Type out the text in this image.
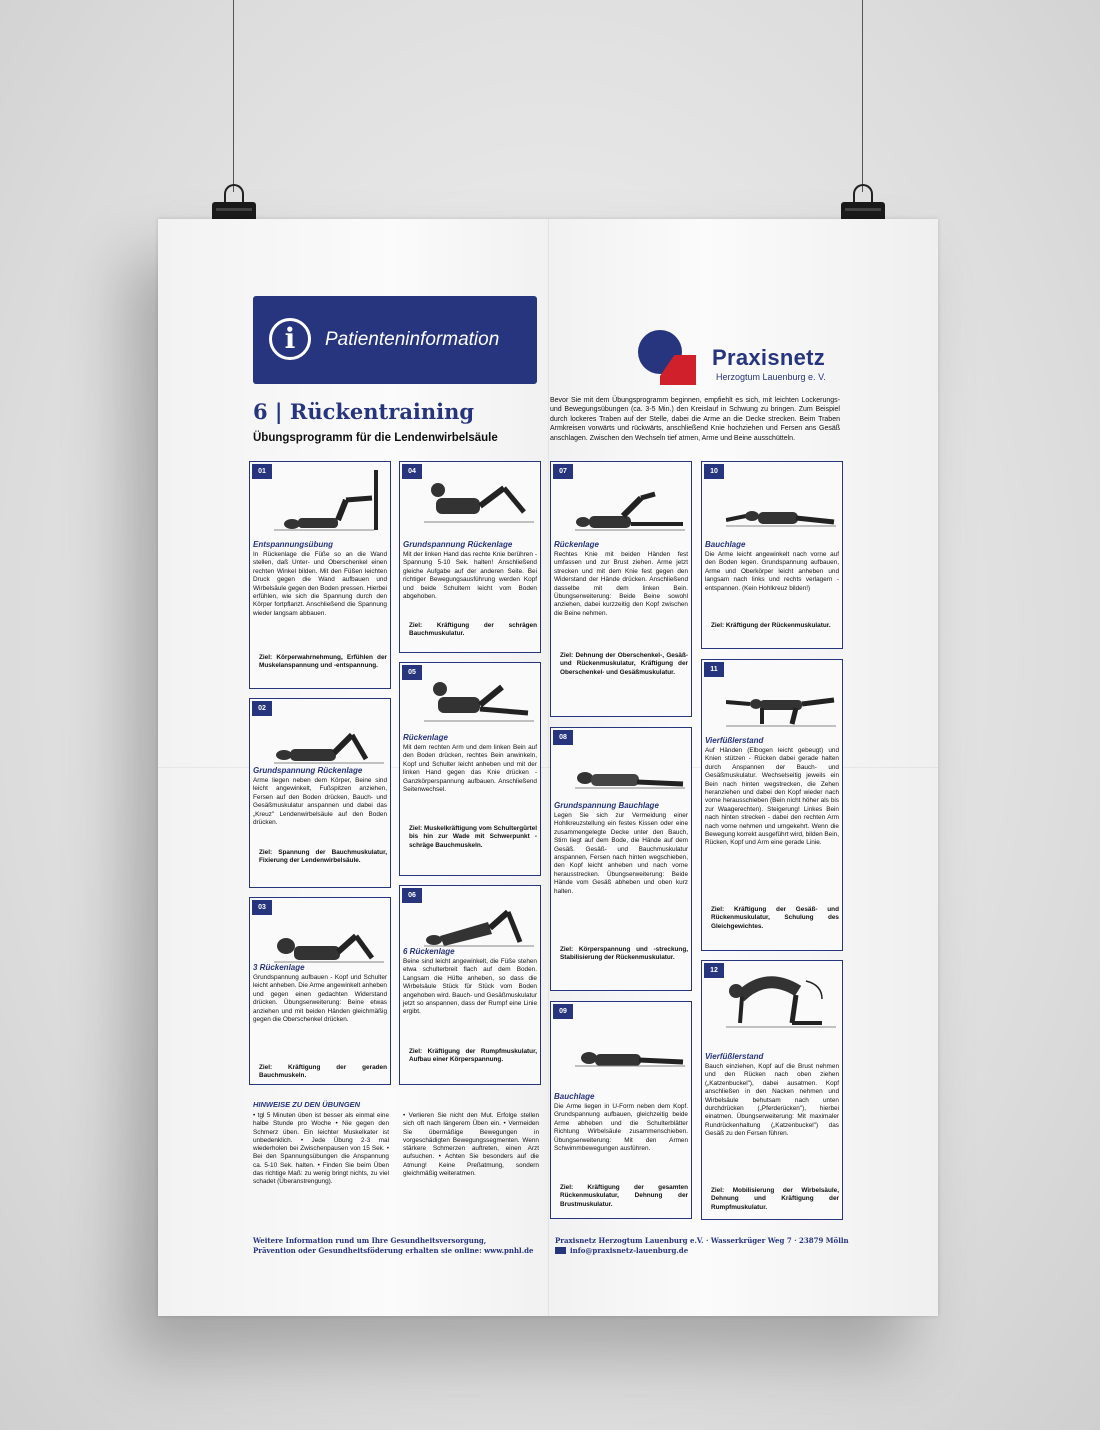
i	Patienteninformation
Praxisnetz
Herzogtum Lauenburg e. V.
6 | Rückentraining
Übungsprogramm für die Lendenwirbelsäule
Bevor Sie mit dem Übungsprogramm beginnen, empfiehlt es sich, mit leichten Lockerungs- und Bewegungsübungen (ca. 3-5 Min.) den Kreislauf in Schwung zu bringen. Zum Beispiel durch lockeres Traben auf der Stelle, dabei die Arme an die Decke strecken. Beim Traben Armkreisen vorwärts und rückwärts, anschließend Knie hochziehen und Fersen ans Gesäß anschlagen. Zwischen den Wechseln tief atmen, Arme und Beine ausschütteln.
01
Entspannungsübung
In Rückenlage die Füße so an die Wand stellen, daß Unter- und Oberschenkel einen rechten Winkel bilden. Mit den Füßen leichten Druck gegen die Wand aufbauen und Wirbelsäule gegen den Boden pressen. Hierbei erfühlen, wie sich die Spannung durch den Körper fortpflanzt. Anschließend die Spannung wieder langsam abbauen.
Ziel: Körperwahrnehmung, Erfühlen der Muskelanspannung und -entspannung.
02
Grundspannung Rückenlage
Arme liegen neben dem Körper, Beine sind leicht angewinkelt, Fußspitzen anziehen, Fersen auf den Boden drücken, Bauch- und Gesäßmuskulatur anspannen und dabei das „Kreuz" Lendenwirbelsäule auf den Boden drücken.
Ziel: Spannung der Bauchmuskulatur, Fixierung der Lendenwirbelsäule.
03
3 Rückenlage
Grundspannung aufbauen - Kopf und Schulter leicht anheben. Die Arme angewinkelt anheben und gegen einen gedachten Widerstand drücken. Übungserweiterung: Beine etwas anziehen und mit beiden Händen gleichmäßig gegen die Oberschenkel drücken.
Ziel: Kräftigung der geraden Bauchmuskeln.
04
Grundspannung Rückenlage
Mit der linken Hand das rechte Knie berühren - Spannung 5-10 Sek. halten! Anschließend gleiche Aufgabe auf der anderen Seite. Bei richtiger Bewegungsausführung werden Kopf und beide Schultern leicht vom Boden abgehoben.
Ziel: Kräftigung der schrägen Bauchmuskulatur.
05
Rückenlage
Mit dem rechten Arm und dem linken Bein auf den Boden drücken, rechtes Bein anwinkeln, Kopf und Schulter leicht anheben und mit der linken Hand gegen das Knie drücken - Ganzkörperspannung aufbauen. Anschließend Seitenwechsel.
Ziel: Muskelkräftigung vom Schultergürtel bis hin zur Wade mit Schwerpunkt - schräge Bauchmuskeln.
06
6 Rückenlage
Beine sind leicht angewinkelt, die Füße stehen etwa schulterbreit flach auf dem Boden. Langsam die Hüfte anheben, so dass die Wirbelsäule Stück für Stück vom Boden angehoben wird. Bauch- und Gesäßmuskulatur jetzt so anspannen, dass der Rumpf eine Linie ergibt.
Ziel: Kräftigung der Rumpfmuskulatur, Aufbau einer Körperspannung.
07
Rückenlage
Rechtes Knie mit beiden Händen fest umfassen und zur Brust ziehen. Arme jetzt strecken und mit dem Knie fest gegen den Widerstand der Hände drücken. Anschließend dasselbe mit dem linken Bein. Übungserweiterung: Beide Beine sowohl anziehen, dabei kurzzeitig den Kopf zwischen die Beine nehmen.
Ziel: Dehnung der Oberschenkel-, Gesäß- und Rückenmuskulatur, Kräftigung der Oberschenkel- und Gesäßmuskulatur.
08
Grundspannung Bauchlage
Legen Sie sich zur Vermeidung einer Hohlkreuzstellung ein festes Kissen oder eine zusammengelegte Decke unter den Bauch, Stirn liegt auf dem Bode, die Hände auf dem Gesäß. Gesäß- und Bauchmuskulatur anspannen, Fersen nach hinten wegschieben, den Kopf leicht anheben und nach vorne herausstrecken. Übungserweiterung: Beide Hände vom Gesäß abheben und oben kurz halten.
Ziel: Körperspannung und -streckung, Stabilisierung der Rückenmuskulatur.
09
Bauchlage
Die Arme liegen in U-Form neben dem Kopf. Grundspannung aufbauen, gleichzeitig beide Arme abheben und die Schulterblätter Richtung Wirbelsäule zusammenschieben. Übungserweiterung: Mit den Armen Schwimmbewegungen ausführen.
Ziel: Kräftigung der gesamten Rückenmuskulatur, Dehnung der Brustmuskulatur.
10
Bauchlage
Die Arme leicht angewinkelt nach vorne auf den Boden legen. Grundspannung aufbauen, Arme und Oberkörper leicht anheben und langsam nach links und rechts verlagern - entspannen. (Kein Hohlkreuz bilden!)
Ziel: Kräftigung der Rückenmuskulatur.
11
Vierfüßlerstand
Auf Händen (Elbogen leicht gebeugt) und Knien stützen - Rücken dabei gerade halten durch Anspannen der Bauch- und Gesäßmuskulatur. Wechselseitig jeweils ein Bein nach hinten wegstrecken, die Zehen heranziehen und dabei den Kopf wieder nach vorne herausschieben (Bein nicht höher als bis zur Waagerechten). Steigerung! Linkes Bein nach hinten strecken - dabei den rechten Arm nach vorne nehmen und umgekehrt. Wenn die Bewegung korrekt ausgeführt wird, bilden Bein, Rücken, Kopf und Arm eine gerade Linie.
Ziel: Kräftigung der Gesäß- und Rückenmuskulatur, Schulung des Gleichgewichtes.
12
Vierfüßlerstand
Bauch einziehen, Kopf auf die Brust nehmen und den Rücken nach oben ziehen („Katzenbuckel"), dabei ausatmen. Kopf anschließen in den Nacken nehmen und Wirbelsäule behutsam nach unten durchdrücken („Pferderücken"), hierbei einatmen. Übungserweiterung: Mit maximaler Rundrückenhaltung („Katzenbuckel") das Gesäß zu den Fersen führen.
Ziel: Mobilisierung der Wirbelsäule, Dehnung und Kräftigung der Rumpfmuskulatur.
HINWEISE ZU DEN ÜBUNGEN
• tgl 5 Minuten üben ist besser als einmal eine halbe Stunde pro Woche • Nie gegen den Schmerz üben. Ein leichter Muskelkater ist unbedenklich. • Jede Übung 2-3 mal wiederholen bei Zwischenpausen von 15 Sek. • Bei den Spannungsübungen die Anspannung ca. 5-10 Sek. halten. • Finden Sie beim Üben das richtige Maß: zu wenig bringt nichts, zu viel schadet (Überanstrengung).
• Verlieren Sie nicht den Mut. Erfolge stellen sich oft nach längerem Üben ein. • Vermeiden Sie übermäßige Bewegungen in vorgeschädigten Bewegungssegmenten. Wenn stärkere Schmerzen auftreten, einen Arzt aufsuchen. • Achten Sie besonders auf die Atmung! Keine Preßatmung, sondern gleichmäßig weiteratmen.
Weitere Information rund um Ihre Gesundheitsversorgung,
Prävention oder Gesundheitsföderung erhalten sie online: www.pnhl.de
Praxisnetz Herzogtum Lauenburg e.V. · Wasserkrüger Weg 7 · 23879 Mölln
info@praxisnetz-lauenburg.de
